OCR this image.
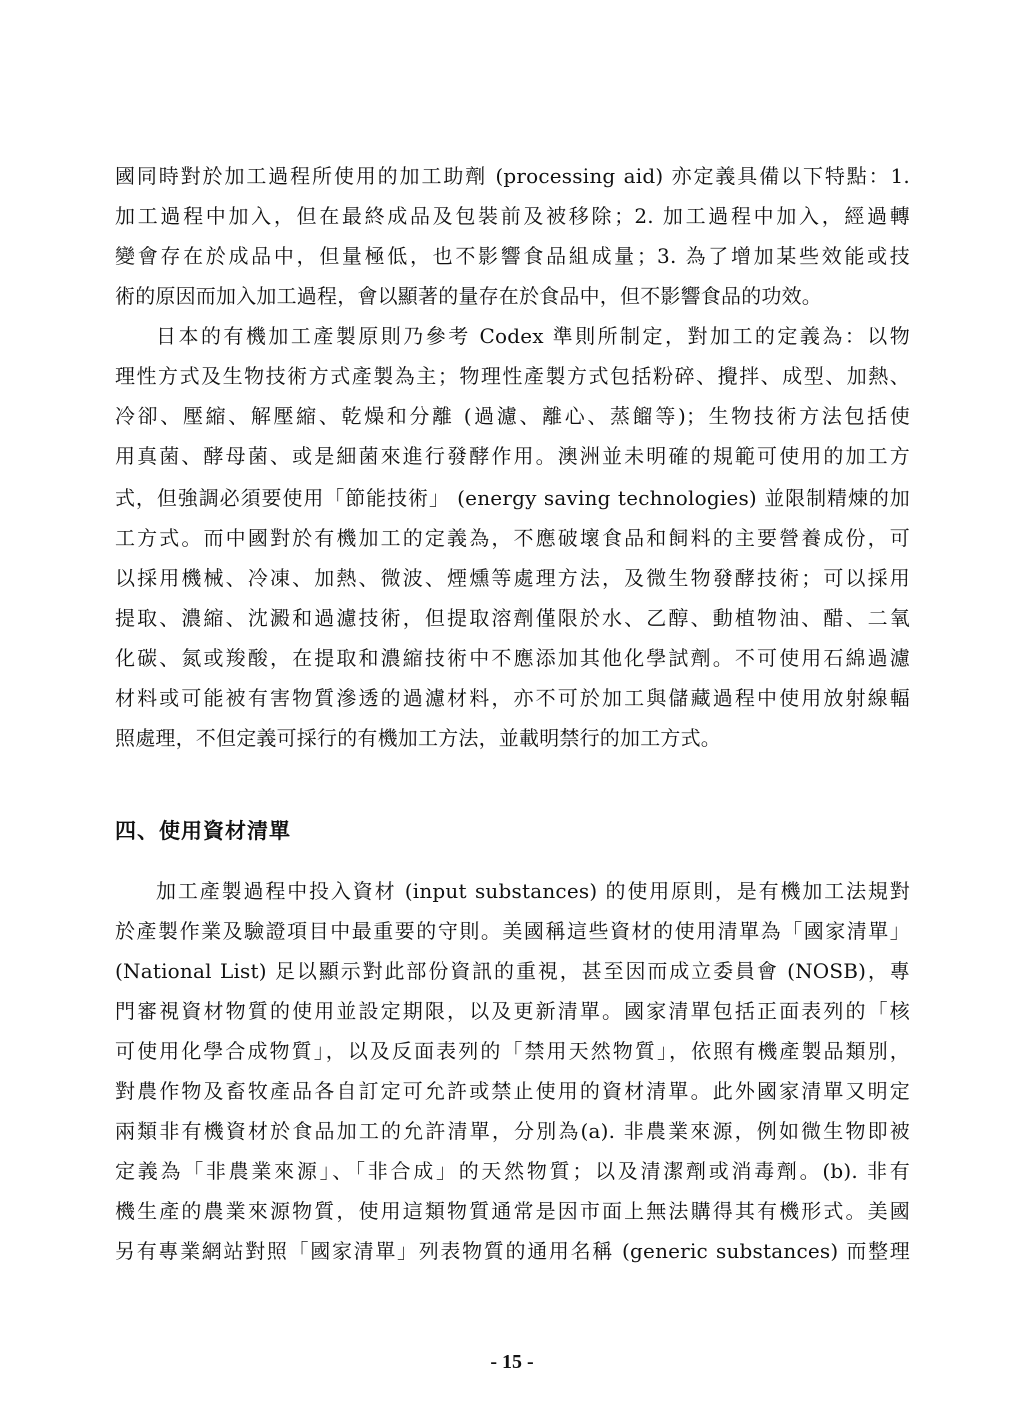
國同時對於加工過程所使用的加工助劑 (processing aid) 亦定義具備以下特點：1.
加工過程中加入，但在最終成品及包裝前及被移除；2. 加工過程中加入，經過轉
變會存在於成品中，但量極低，也不影響食品組成量；3. 為了增加某些效能或技
術的原因而加入加工過程，會以顯著的量存在於食品中，但不影響食品的功效。
日本的有機加工產製原則乃參考 Codex 準則所制定，對加工的定義為：以物
理性方式及生物技術方式產製為主；物理性產製方式包括粉碎、攪拌、成型、加熱、
冷卻、壓縮、解壓縮、乾燥和分離 (過濾、離心、蒸餾等)；生物技術方法包括使
用真菌、酵母菌、或是細菌來進行發酵作用。澳洲並未明確的規範可使用的加工方
式，但強調必須要使用「節能技術」 (energy saving technologies) 並限制精煉的加
工方式。而中國對於有機加工的定義為，不應破壞食品和飼料的主要營養成份，可
以採用機械、冷凍、加熱、微波、煙燻等處理方法，及微生物發酵技術；可以採用
提取、濃縮、沈澱和過濾技術，但提取溶劑僅限於水、乙醇、動植物油、醋、二氧
化碳、氮或羧酸，在提取和濃縮技術中不應添加其他化學試劑。不可使用石綿過濾
材料或可能被有害物質滲透的過濾材料，亦不可於加工與儲藏過程中使用放射線輻
照處理，不但定義可採行的有機加工方法，並載明禁行的加工方式。
四、使用資材清單
加工產製過程中投入資材 (input substances) 的使用原則，是有機加工法規對
於產製作業及驗證項目中最重要的守則。美國稱這些資材的使用清單為「國家清單」
(National List) 足以顯示對此部份資訊的重視，甚至因而成立委員會 (NOSB)，專
門審視資材物質的使用並設定期限，以及更新清單。國家清單包括正面表列的「核
可使用化學合成物質」，以及反面表列的「禁用天然物質」，依照有機產製品類別，
對農作物及畜牧產品各自訂定可允許或禁止使用的資材清單。此外國家清單又明定
兩類非有機資材於食品加工的允許清單，分別為(a). 非農業來源，例如微生物即被
定義為「非農業來源」、「非合成」的天然物質；以及清潔劑或消毒劑。(b). 非有
機生產的農業來源物質，使用這類物質通常是因市面上無法購得其有機形式。美國
另有專業網站對照「國家清單」列表物質的通用名稱 (generic substances) 而整理
- 15 -
